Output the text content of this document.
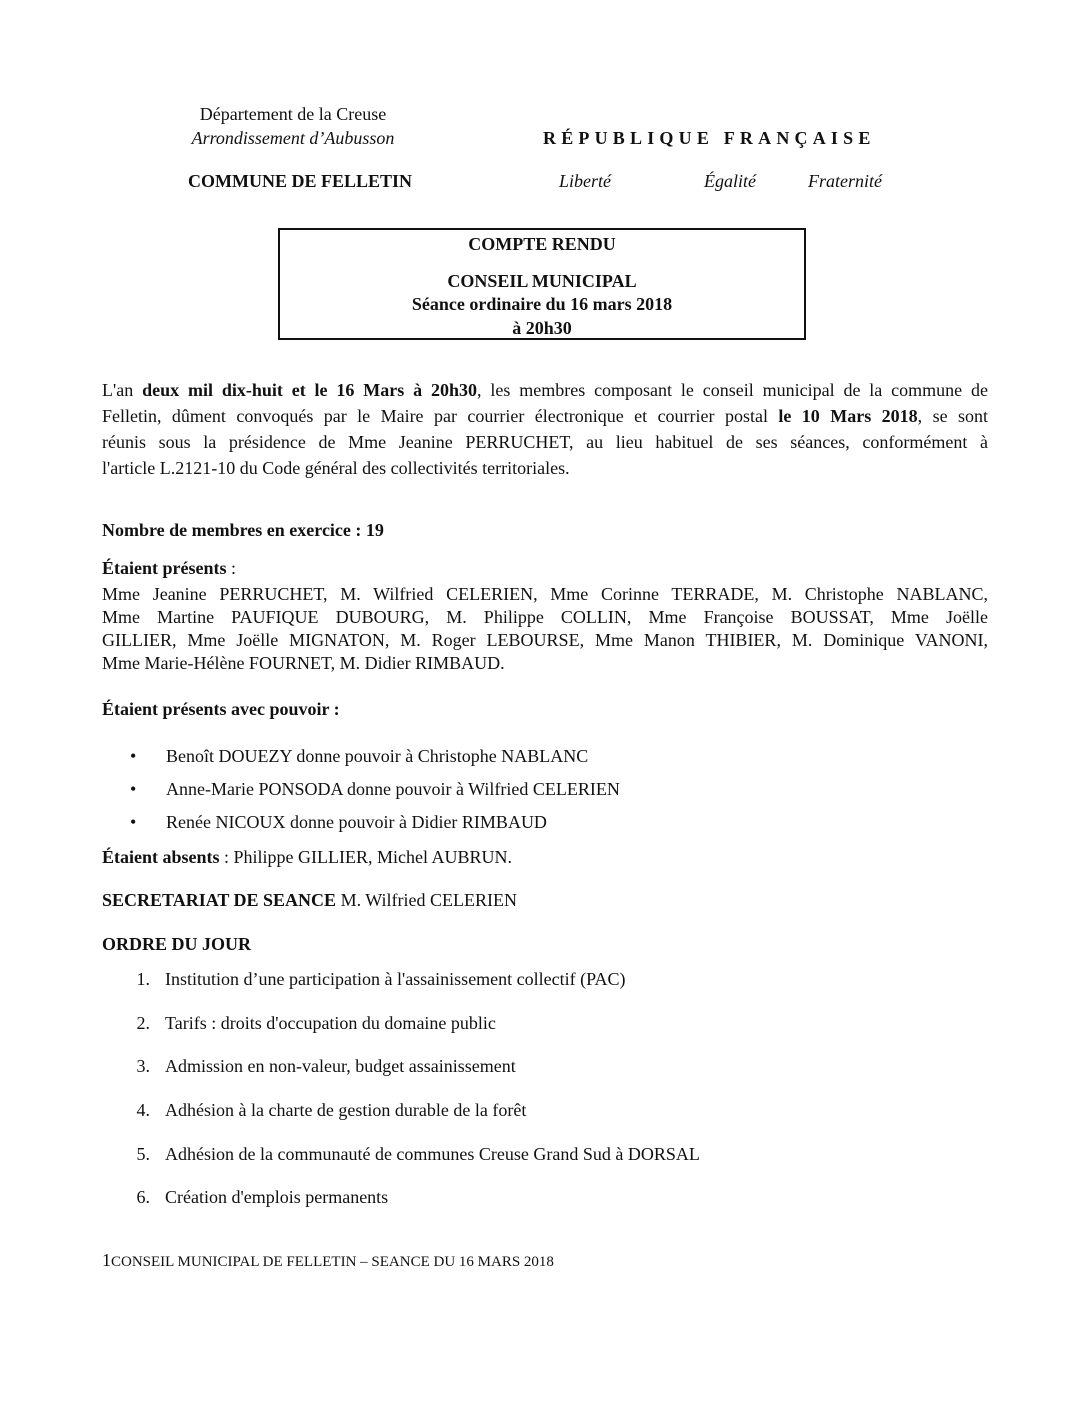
Département de la Creuse
Arrondissement d’Aubusson
COMMUNE DE FELLETIN
RÉPUBLIQUE FRANÇAISE
Liberté	Égalité	Fraternité
COMPTE RENDU
CONSEIL MUNICIPAL
Séance ordinaire du 16 mars 2018
à 20h30
L'an deux mil dix-huit et le 16 Mars à 20h30, les membres composant le conseil municipal de la commune de
Felletin, dûment convoqués par le Maire par courrier électronique et courrier postal le 10 Mars 2018, se sont
réunis sous la présidence de Mme Jeanine PERRUCHET, au lieu habituel de ses séances, conformément à
l'article L.2121-10 du Code général des collectivités territoriales.
Nombre de membres en exercice : 19
Étaient présents :
Mme Jeanine PERRUCHET, M. Wilfried CELERIEN, Mme Corinne TERRADE, M. Christophe NABLANC,
Mme Martine PAUFIQUE DUBOURG, M. Philippe COLLIN, Mme Françoise BOUSSAT, Mme Joëlle
GILLIER, Mme Joëlle MIGNATON, M. Roger LEBOURSE, Mme Manon THIBIER, M. Dominique VANONI,
Mme Marie-Hélène FOURNET, M. Didier RIMBAUD.
Étaient présents avec pouvoir :
• Benoît DOUEZY donne pouvoir à Christophe NABLANC
• Anne-Marie PONSODA donne pouvoir à Wilfried CELERIEN
• Renée NICOUX donne pouvoir à Didier RIMBAUD
Étaient absents : Philippe GILLIER, Michel AUBRUN.
SECRETARIAT DE SEANCE M. Wilfried CELERIEN
ORDRE DU JOUR
1. Institution d’une participation à l'assainissement collectif (PAC)
2. Tarifs : droits d'occupation du domaine public
3. Admission en non-valeur, budget assainissement
4. Adhésion à la charte de gestion durable de la forêt
5. Adhésion de la communauté de communes Creuse Grand Sud à DORSAL
6. Création d'emplois permanents
1CONSEIL MUNICIPAL DE FELLETIN – SEANCE DU 16 MARS 2018
